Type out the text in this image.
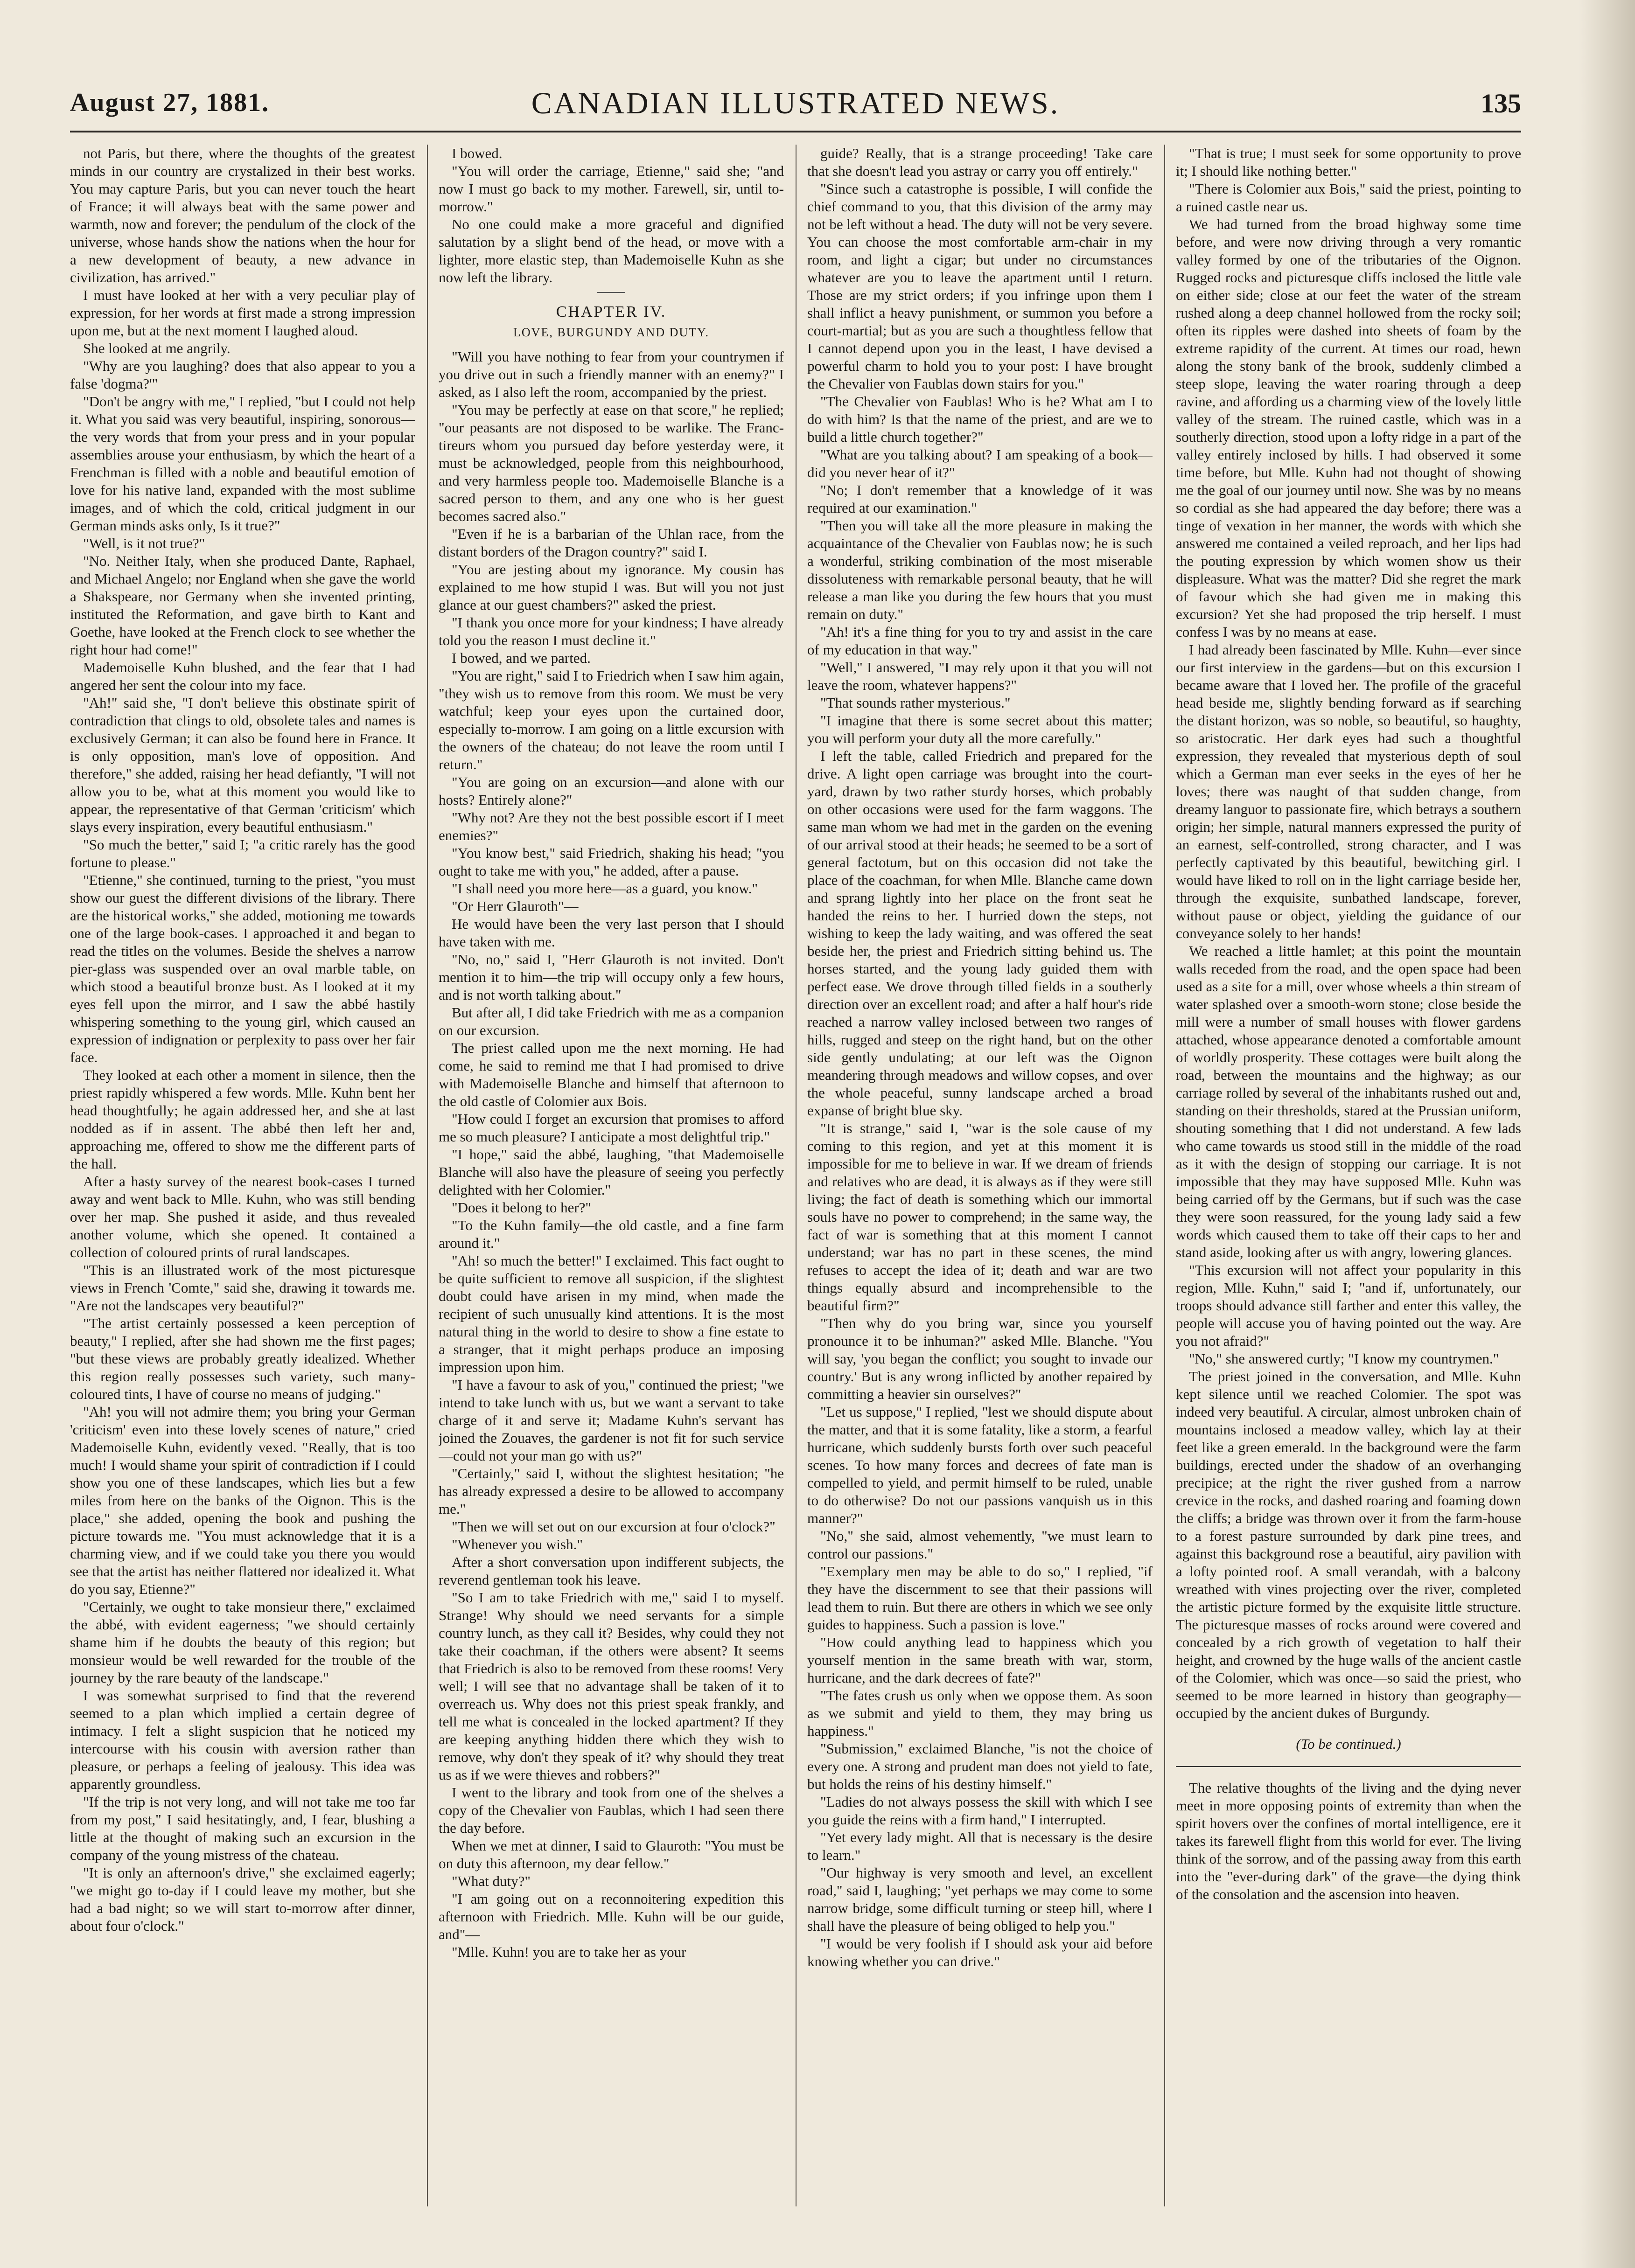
August 27, 1881.	CANADIAN ILLUSTRATED NEWS.	135

not Paris, but there, where the thoughts of the greatest minds in our country are crystalized in their best works. You may capture Paris, but you can never touch the heart of France; it will always beat with the same power and warmth, now and forever; the pendulum of the clock of the universe, whose hands show the nations when the hour for a new development of beauty, a new advance in civilization, has arrived."

I must have looked at her with a very peculiar play of expression, for her words at first made a strong impression upon me, but at the next moment I laughed aloud.

She looked at me angrily.

"Why are you laughing? does that also appear to you a false 'dogma?'"

"Don't be angry with me," I replied, "but I could not help it. What you said was very beautiful, inspiring, sonorous—the very words that from your press and in your popular assemblies arouse your enthusiasm, by which the heart of a Frenchman is filled with a noble and beautiful emotion of love for his native land, expanded with the most sublime images, and of which the cold, critical judgment in our German minds asks only, Is it true?"

"Well, is it not true?"

"No. Neither Italy, when she produced Dante, Raphael, and Michael Angelo; nor England when she gave the world a Shakspeare, nor Germany when she invented printing, instituted the Reformation, and gave birth to Kant and Goethe, have looked at the French clock to see whether the right hour had come!"

Mademoiselle Kuhn blushed, and the fear that I had angered her sent the colour into my face.

"Ah!" said she, "I don't believe this obstinate spirit of contradiction that clings to old, obsolete tales and names is exclusively German; it can also be found here in France. It is only opposition, man's love of opposition. And therefore," she added, raising her head defiantly, "I will not allow you to be, what at this moment you would like to appear, the representative of that German 'criticism' which slays every inspiration, every beautiful enthusiasm."

"So much the better," said I; "a critic rarely has the good fortune to please."

"Etienne," she continued, turning to the priest, "you must show our guest the different divisions of the library. There are the historical works," she added, motioning me towards one of the large book-cases. I approached it and began to read the titles on the volumes. Beside the shelves a narrow pier-glass was suspended over an oval marble table, on which stood a beautiful bronze bust. As I looked at it my eyes fell upon the mirror, and I saw the abbé hastily whispering something to the young girl, which caused an expression of indignation or perplexity to pass over her fair face.

They looked at each other a moment in silence, then the priest rapidly whispered a few words. Mlle. Kuhn bent her head thoughtfully; he again addressed her, and she at last nodded as if in assent. The abbé then left her and, approaching me, offered to show me the different parts of the hall.

After a hasty survey of the nearest book-cases I turned away and went back to Mlle. Kuhn, who was still bending over her map. She pushed it aside, and thus revealed another volume, which she opened. It contained a collection of coloured prints of rural landscapes.

"This is an illustrated work of the most picturesque views in French 'Comte," said she, drawing it towards me. "Are not the landscapes very beautiful?"

"The artist certainly possessed a keen perception of beauty," I replied, after she had shown me the first pages; "but these views are probably greatly idealized. Whether this region really possesses such variety, such many-coloured tints, I have of course no means of judging."

"Ah! you will not admire them; you bring your German 'criticism' even into these lovely scenes of nature," cried Mademoiselle Kuhn, evidently vexed. "Really, that is too much! I would shame your spirit of contradiction if I could show you one of these landscapes, which lies but a few miles from here on the banks of the Oignon. This is the place," she added, opening the book and pushing the picture towards me. "You must acknowledge that it is a charming view, and if we could take you there you would see that the artist has neither flattered nor idealized it. What do you say, Etienne?"

"Certainly, we ought to take monsieur there," exclaimed the abbé, with evident eagerness; "we should certainly shame him if he doubts the beauty of this region; but monsieur would be well rewarded for the trouble of the journey by the rare beauty of the landscape."

I was somewhat surprised to find that the reverend seemed to a plan which implied a certain degree of intimacy. I felt a slight suspicion that he noticed my intercourse with his cousin with aversion rather than pleasure, or perhaps a feeling of jealousy. This idea was apparently groundless.

"If the trip is not very long, and will not take me too far from my post," I said hesitatingly, and, I fear, blushing a little at the thought of making such an excursion in the company of the young mistress of the chateau.

"It is only an afternoon's drive," she exclaimed eagerly; "we might go to-day if I could leave my mother, but she had a bad night; so we will start to-morrow after dinner, about four o'clock."

I bowed.

"You will order the carriage, Etienne," said she; "and now I must go back to my mother. Farewell, sir, until to-morrow."

No one could make a more graceful and dignified salutation by a slight bend of the head, or move with a lighter, more elastic step, than Mademoiselle Kuhn as she now left the library.

CHAPTER IV.

LOVE, BURGUNDY AND DUTY.

"Will you have nothing to fear from your countrymen if you drive out in such a friendly manner with an enemy?" I asked, as I also left the room, accompanied by the priest.

"You may be perfectly at ease on that score," he replied; "our peasants are not disposed to be warlike. The Franc-tireurs whom you pursued day before yesterday were, it must be acknowledged, people from this neighbourhood, and very harmless people too. Mademoiselle Blanche is a sacred person to them, and any one who is her guest becomes sacred also."

"Even if he is a barbarian of the Uhlan race, from the distant borders of the Dragon country?" said I.

"You are jesting about my ignorance. My cousin has explained to me how stupid I was. But will you not just glance at our guest chambers?" asked the priest.

"I thank you once more for your kindness; I have already told you the reason I must decline it."

I bowed, and we parted.

"You are right," said I to Friedrich when I saw him again, "they wish us to remove from this room. We must be very watchful; keep your eyes upon the curtained door, especially to-morrow. I am going on a little excursion with the owners of the chateau; do not leave the room until I return."

"You are going on an excursion—and alone with our hosts? Entirely alone?"

"Why not? Are they not the best possible escort if I meet enemies?"

"You know best," said Friedrich, shaking his head; "you ought to take me with you," he added, after a pause.

"I shall need you more here—as a guard, you know."

"Or Herr Glauroth"—

He would have been the very last person that I should have taken with me.

"No, no," said I, "Herr Glauroth is not invited. Don't mention it to him—the trip will occupy only a few hours, and is not worth talking about."

But after all, I did take Friedrich with me as a companion on our excursion.

The priest called upon me the next morning. He had come, he said to remind me that I had promised to drive with Mademoiselle Blanche and himself that afternoon to the old castle of Colomier aux Bois.

"How could I forget an excursion that promises to afford me so much pleasure? I anticipate a most delightful trip."

"I hope," said the abbé, laughing, "that Mademoiselle Blanche will also have the pleasure of seeing you perfectly delighted with her Colomier."

"Does it belong to her?"

"To the Kuhn family—the old castle, and a fine farm around it."

"Ah! so much the better!" I exclaimed. This fact ought to be quite sufficient to remove all suspicion, if the slightest doubt could have arisen in my mind, when made the recipient of such unusually kind attentions. It is the most natural thing in the world to desire to show a fine estate to a stranger, that it might perhaps produce an imposing impression upon him.

"I have a favour to ask of you," continued the priest; "we intend to take lunch with us, but we want a servant to take charge of it and serve it; Madame Kuhn's servant has joined the Zouaves, the gardener is not fit for such service—could not your man go with us?"

"Certainly," said I, without the slightest hesitation; "he has already expressed a desire to be allowed to accompany me."

"Then we will set out on our excursion at four o'clock?"

"Whenever you wish."

After a short conversation upon indifferent subjects, the reverend gentleman took his leave.

"So I am to take Friedrich with me," said I to myself. Strange! Why should we need servants for a simple country lunch, as they call it? Besides, why could they not take their coachman, if the others were absent? It seems that Friedrich is also to be removed from these rooms! Very well; I will see that no advantage shall be taken of it to overreach us. Why does not this priest speak frankly, and tell me what is concealed in the locked apartment? If they are keeping anything hidden there which they wish to remove, why don't they speak of it? why should they treat us as if we were thieves and robbers?"

I went to the library and took from one of the shelves a copy of the Chevalier von Faublas, which I had seen there the day before.

When we met at dinner, I said to Glauroth: "You must be on duty this afternoon, my dear fellow."

"What duty?"

"I am going out on a reconnoitering expedition this afternoon with Friedrich. Mlle. Kuhn will be our guide, and"—

"Mlle. Kuhn! you are to take her as your

guide? Really, that is a strange proceeding! Take care that she doesn't lead you astray or carry you off entirely."

"Since such a catastrophe is possible, I will confide the chief command to you, that this division of the army may not be left without a head. The duty will not be very severe. You can choose the most comfortable arm-chair in my room, and light a cigar; but under no circumstances whatever are you to leave the apartment until I return. Those are my strict orders; if you infringe upon them I shall inflict a heavy punishment, or summon you before a court-martial; but as you are such a thoughtless fellow that I cannot depend upon you in the least, I have devised a powerful charm to hold you to your post: I have brought the Chevalier von Faublas down stairs for you."

"The Chevalier von Faublas! Who is he? What am I to do with him? Is that the name of the priest, and are we to build a little church together?"

"What are you talking about? I am speaking of a book—did you never hear of it?"

"No; I don't remember that a knowledge of it was required at our examination."

"Then you will take all the more pleasure in making the acquaintance of the Chevalier von Faublas now; he is such a wonderful, striking combination of the most miserable dissoluteness with remarkable personal beauty, that he will release a man like you during the few hours that you must remain on duty."

"Ah! it's a fine thing for you to try and assist in the care of my education in that way."

"Well," I answered, "I may rely upon it that you will not leave the room, whatever happens?"

"That sounds rather mysterious."

"I imagine that there is some secret about this matter; you will perform your duty all the more carefully."

I left the table, called Friedrich and prepared for the drive. A light open carriage was brought into the court-yard, drawn by two rather sturdy horses, which probably on other occasions were used for the farm waggons. The same man whom we had met in the garden on the evening of our arrival stood at their heads; he seemed to be a sort of general factotum, but on this occasion did not take the place of the coachman, for when Mlle. Blanche came down and sprang lightly into her place on the front seat he handed the reins to her. I hurried down the steps, not wishing to keep the lady waiting, and was offered the seat beside her, the priest and Friedrich sitting behind us. The horses started, and the young lady guided them with perfect ease. We drove through tilled fields in a southerly direction over an excellent road; and after a half hour's ride reached a narrow valley inclosed between two ranges of hills, rugged and steep on the right hand, but on the other side gently undulating; at our left was the Oignon meandering through meadows and willow copses, and over the whole peaceful, sunny landscape arched a broad expanse of bright blue sky.

"It is strange," said I, "war is the sole cause of my coming to this region, and yet at this moment it is impossible for me to believe in war. If we dream of friends and relatives who are dead, it is always as if they were still living; the fact of death is something which our immortal souls have no power to comprehend; in the same way, the fact of war is something that at this moment I cannot understand; war has no part in these scenes, the mind refuses to accept the idea of it; death and war are two things equally absurd and incomprehensible to the beautiful firm?"

"Then why do you bring war, since you yourself pronounce it to be inhuman?" asked Mlle. Blanche. "You will say, 'you began the conflict; you sought to invade our country.' But is any wrong inflicted by another repaired by committing a heavier sin ourselves?"

"Let us suppose," I replied, "lest we should dispute about the matter, and that it is some fatality, like a storm, a fearful hurricane, which suddenly bursts forth over such peaceful scenes. To how many forces and decrees of fate man is compelled to yield, and permit himself to be ruled, unable to do otherwise? Do not our passions vanquish us in this manner?"

"No," she said, almost vehemently, "we must learn to control our passions."

"Exemplary men may be able to do so," I replied, "if they have the discernment to see that their passions will lead them to ruin. But there are others in which we see only guides to happiness. Such a passion is love."

"How could anything lead to happiness which you yourself mention in the same breath with war, storm, hurricane, and the dark decrees of fate?"

"The fates crush us only when we oppose them. As soon as we submit and yield to them, they may bring us happiness."

"Submission," exclaimed Blanche, "is not the choice of every one. A strong and prudent man does not yield to fate, but holds the reins of his destiny himself."

"Ladies do not always possess the skill with which I see you guide the reins with a firm hand," I interrupted.

"Yet every lady might. All that is necessary is the desire to learn."

"Our highway is very smooth and level, an excellent road," said I, laughing; "yet perhaps we may come to some narrow bridge, some difficult turning or steep hill, where I shall have the pleasure of being obliged to help you."

"I would be very foolish if I should ask your aid before knowing whether you can drive."

"That is true; I must seek for some opportunity to prove it; I should like nothing better."

"There is Colomier aux Bois," said the priest, pointing to a ruined castle near us.

We had turned from the broad highway some time before, and were now driving through a very romantic valley formed by one of the tributaries of the Oignon. Rugged rocks and picturesque cliffs inclosed the little vale on either side; close at our feet the water of the stream rushed along a deep channel hollowed from the rocky soil; often its ripples were dashed into sheets of foam by the extreme rapidity of the current. At times our road, hewn along the stony bank of the brook, suddenly climbed a steep slope, leaving the water roaring through a deep ravine, and affording us a charming view of the lovely little valley of the stream. The ruined castle, which was in a southerly direction, stood upon a lofty ridge in a part of the valley entirely inclosed by hills. I had observed it some time before, but Mlle. Kuhn had not thought of showing me the goal of our journey until now. She was by no means so cordial as she had appeared the day before; there was a tinge of vexation in her manner, the words with which she answered me contained a veiled reproach, and her lips had the pouting expression by which women show us their displeasure. What was the matter? Did she regret the mark of favour which she had given me in making this excursion? Yet she had proposed the trip herself. I must confess I was by no means at ease.

I had already been fascinated by Mlle. Kuhn—ever since our first interview in the gardens—but on this excursion I became aware that I loved her. The profile of the graceful head beside me, slightly bending forward as if searching the distant horizon, was so noble, so beautiful, so haughty, so aristocratic. Her dark eyes had such a thoughtful expression, they revealed that mysterious depth of soul which a German man ever seeks in the eyes of her he loves; there was naught of that sudden change, from dreamy languor to passionate fire, which betrays a southern origin; her simple, natural manners expressed the purity of an earnest, self-controlled, strong character, and I was perfectly captivated by this beautiful, bewitching girl. I would have liked to roll on in the light carriage beside her, through the exquisite, sunbathed landscape, forever, without pause or object, yielding the guidance of our conveyance solely to her hands!

We reached a little hamlet; at this point the mountain walls receded from the road, and the open space had been used as a site for a mill, over whose wheels a thin stream of water splashed over a smooth-worn stone; close beside the mill were a number of small houses with flower gardens attached, whose appearance denoted a comfortable amount of worldly prosperity. These cottages were built along the road, between the mountains and the highway; as our carriage rolled by several of the inhabitants rushed out and, standing on their thresholds, stared at the Prussian uniform, shouting something that I did not understand. A few lads who came towards us stood still in the middle of the road as it with the design of stopping our carriage. It is not impossible that they may have supposed Mlle. Kuhn was being carried off by the Germans, but if such was the case they were soon reassured, for the young lady said a few words which caused them to take off their caps to her and stand aside, looking after us with angry, lowering glances.

"This excursion will not affect your popularity in this region, Mlle. Kuhn," said I; "and if, unfortunately, our troops should advance still farther and enter this valley, the people will accuse you of having pointed out the way. Are you not afraid?"

"No," she answered curtly; "I know my countrymen."

The priest joined in the conversation, and Mlle. Kuhn kept silence until we reached Colomier. The spot was indeed very beautiful. A circular, almost unbroken chain of mountains inclosed a meadow valley, which lay at their feet like a green emerald. In the background were the farm buildings, erected under the shadow of an overhanging precipice; at the right the river gushed from a narrow crevice in the rocks, and dashed roaring and foaming down the cliffs; a bridge was thrown over it from the farm-house to a forest pasture surrounded by dark pine trees, and against this background rose a beautiful, airy pavilion with a lofty pointed roof. A small verandah, with a balcony wreathed with vines projecting over the river, completed the artistic picture formed by the exquisite little structure. The picturesque masses of rocks around were covered and concealed by a rich growth of vegetation to half their height, and crowned by the huge walls of the ancient castle of the Colomier, which was once—so said the priest, who seemed to be more learned in history than geography—occupied by the ancient dukes of Burgundy.

(To be continued.)

The relative thoughts of the living and the dying never meet in more opposing points of extremity than when the spirit hovers over the confines of mortal intelligence, ere it takes its farewell flight from this world for ever. The living think of the sorrow, and of the passing away from this earth into the "ever-during dark" of the grave—the dying think of the consolation and the ascension into heaven.
